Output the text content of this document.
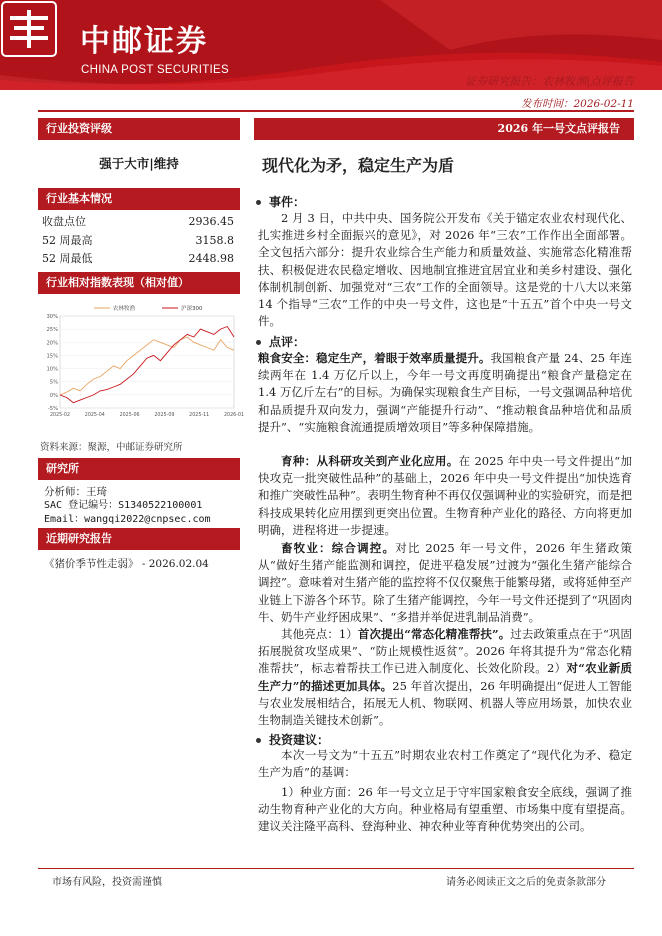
中邮证券
CHINA POST SECURITIES
证券研究报告：农林牧渔|点评报告
发布时间：2026-02-11
行业投资评级
强于大市|维持
行业基本情况
收盘点位	2936.45
52 周最高	3158.8
52 周最低	2448.98
行业相对指数表现（相对值）
-5%
0%
5%
10%
15%
20%
25%
30%
2025-02	2025-04	2025-06	2025-09	2025-11	2026-01
农林牧渔	沪深300
资料来源：聚源，中邮证券研究所
研究所
分析师：王琦
SAC 登记编号：S1340522100001
Email：wangqi2022@cnpsec.com
近期研究报告
《猪价季节性走弱》 - 2026.02.04
2026 年一号文点评报告
现代化为矛，稳定生产为盾
事件：
2 月 3 日，中共中央、国务院公开发布《关于锚定农业农村现代化、扎实推进乡村全面振兴的意见》，对 2026 年“三农”工作作出全面部署。全文包括六部分：提升农业综合生产能力和质量效益、实施常态化精准帮扶、积极促进农民稳定增收、因地制宜推进宜居宜业和美乡村建设、强化体制机制创新、加强党对“三农”工作的全面领导。这是党的十八大以来第 14 个指导“三农”工作的中央一号文件，这也是“十五五”首个中央一号文件。
点评：
粮食安全：稳定生产，着眼于效率质量提升。我国粮食产量 24、25 年连续两年在 1.4 万亿斤以上，今年一号文再度明确提出“粮食产量稳定在 1.4 万亿斤左右”的目标。为确保实现粮食生产目标，一号文强调品种培优和品质提升双向发力，强调“产能提升行动”、“推动粮食品种培优和品质提升”、“实施粮食流通提质增效项目”等多种保障措施。
育种：从科研攻关到产业化应用。在 2025 年中央一号文件提出“加快攻克一批突破性品种”的基础上，2026 年中央一号文件提出“加快选育和推广突破性品种”。表明生物育种不再仅仅强调种业的实验研究，而是把科技成果转化应用摆到更突出位置。生物育种产业化的路径、方向将更加明确，进程将进一步提速。
畜牧业：综合调控。对比 2025 年一号文件，2026 年生猪政策从“做好生猪产能监测和调控，促进平稳发展”过渡为“强化生猪产能综合调控”。意味着对生猪产能的监控将不仅仅聚焦于能繁母猪，或将延伸至产业链上下游各个环节。除了生猪产能调控，今年一号文件还提到了“巩固肉牛、奶牛产业纾困成果”、“多措并举促进乳制品消费”。
其他亮点：1）首次提出“常态化精准帮扶”。过去政策重点在于“巩固拓展脱贫攻坚成果”、“防止规模性返贫”。2026 年将其提升为“常态化精准帮扶”，标志着帮扶工作已进入制度化、长效化阶段。2）对“农业新质生产力”的描述更加具体。25 年首次提出，26 年明确提出“促进人工智能与农业发展相结合，拓展无人机、物联网、机器人等应用场景，加快农业生物制造关键技术创新”。
投资建议：
本次一号文为“十五五”时期农业农村工作奠定了“现代化为矛、稳定生产为盾”的基调：
1）种业方面：26 年一号文立足于守牢国家粮食安全底线，强调了推动生物育种产业化的大方向。种业格局有望重塑、市场集中度有望提高。建议关注隆平高科、登海种业、神农种业等育种优势突出的公司。
市场有风险，投资需谨慎	请务必阅读正文之后的免责条款部分
